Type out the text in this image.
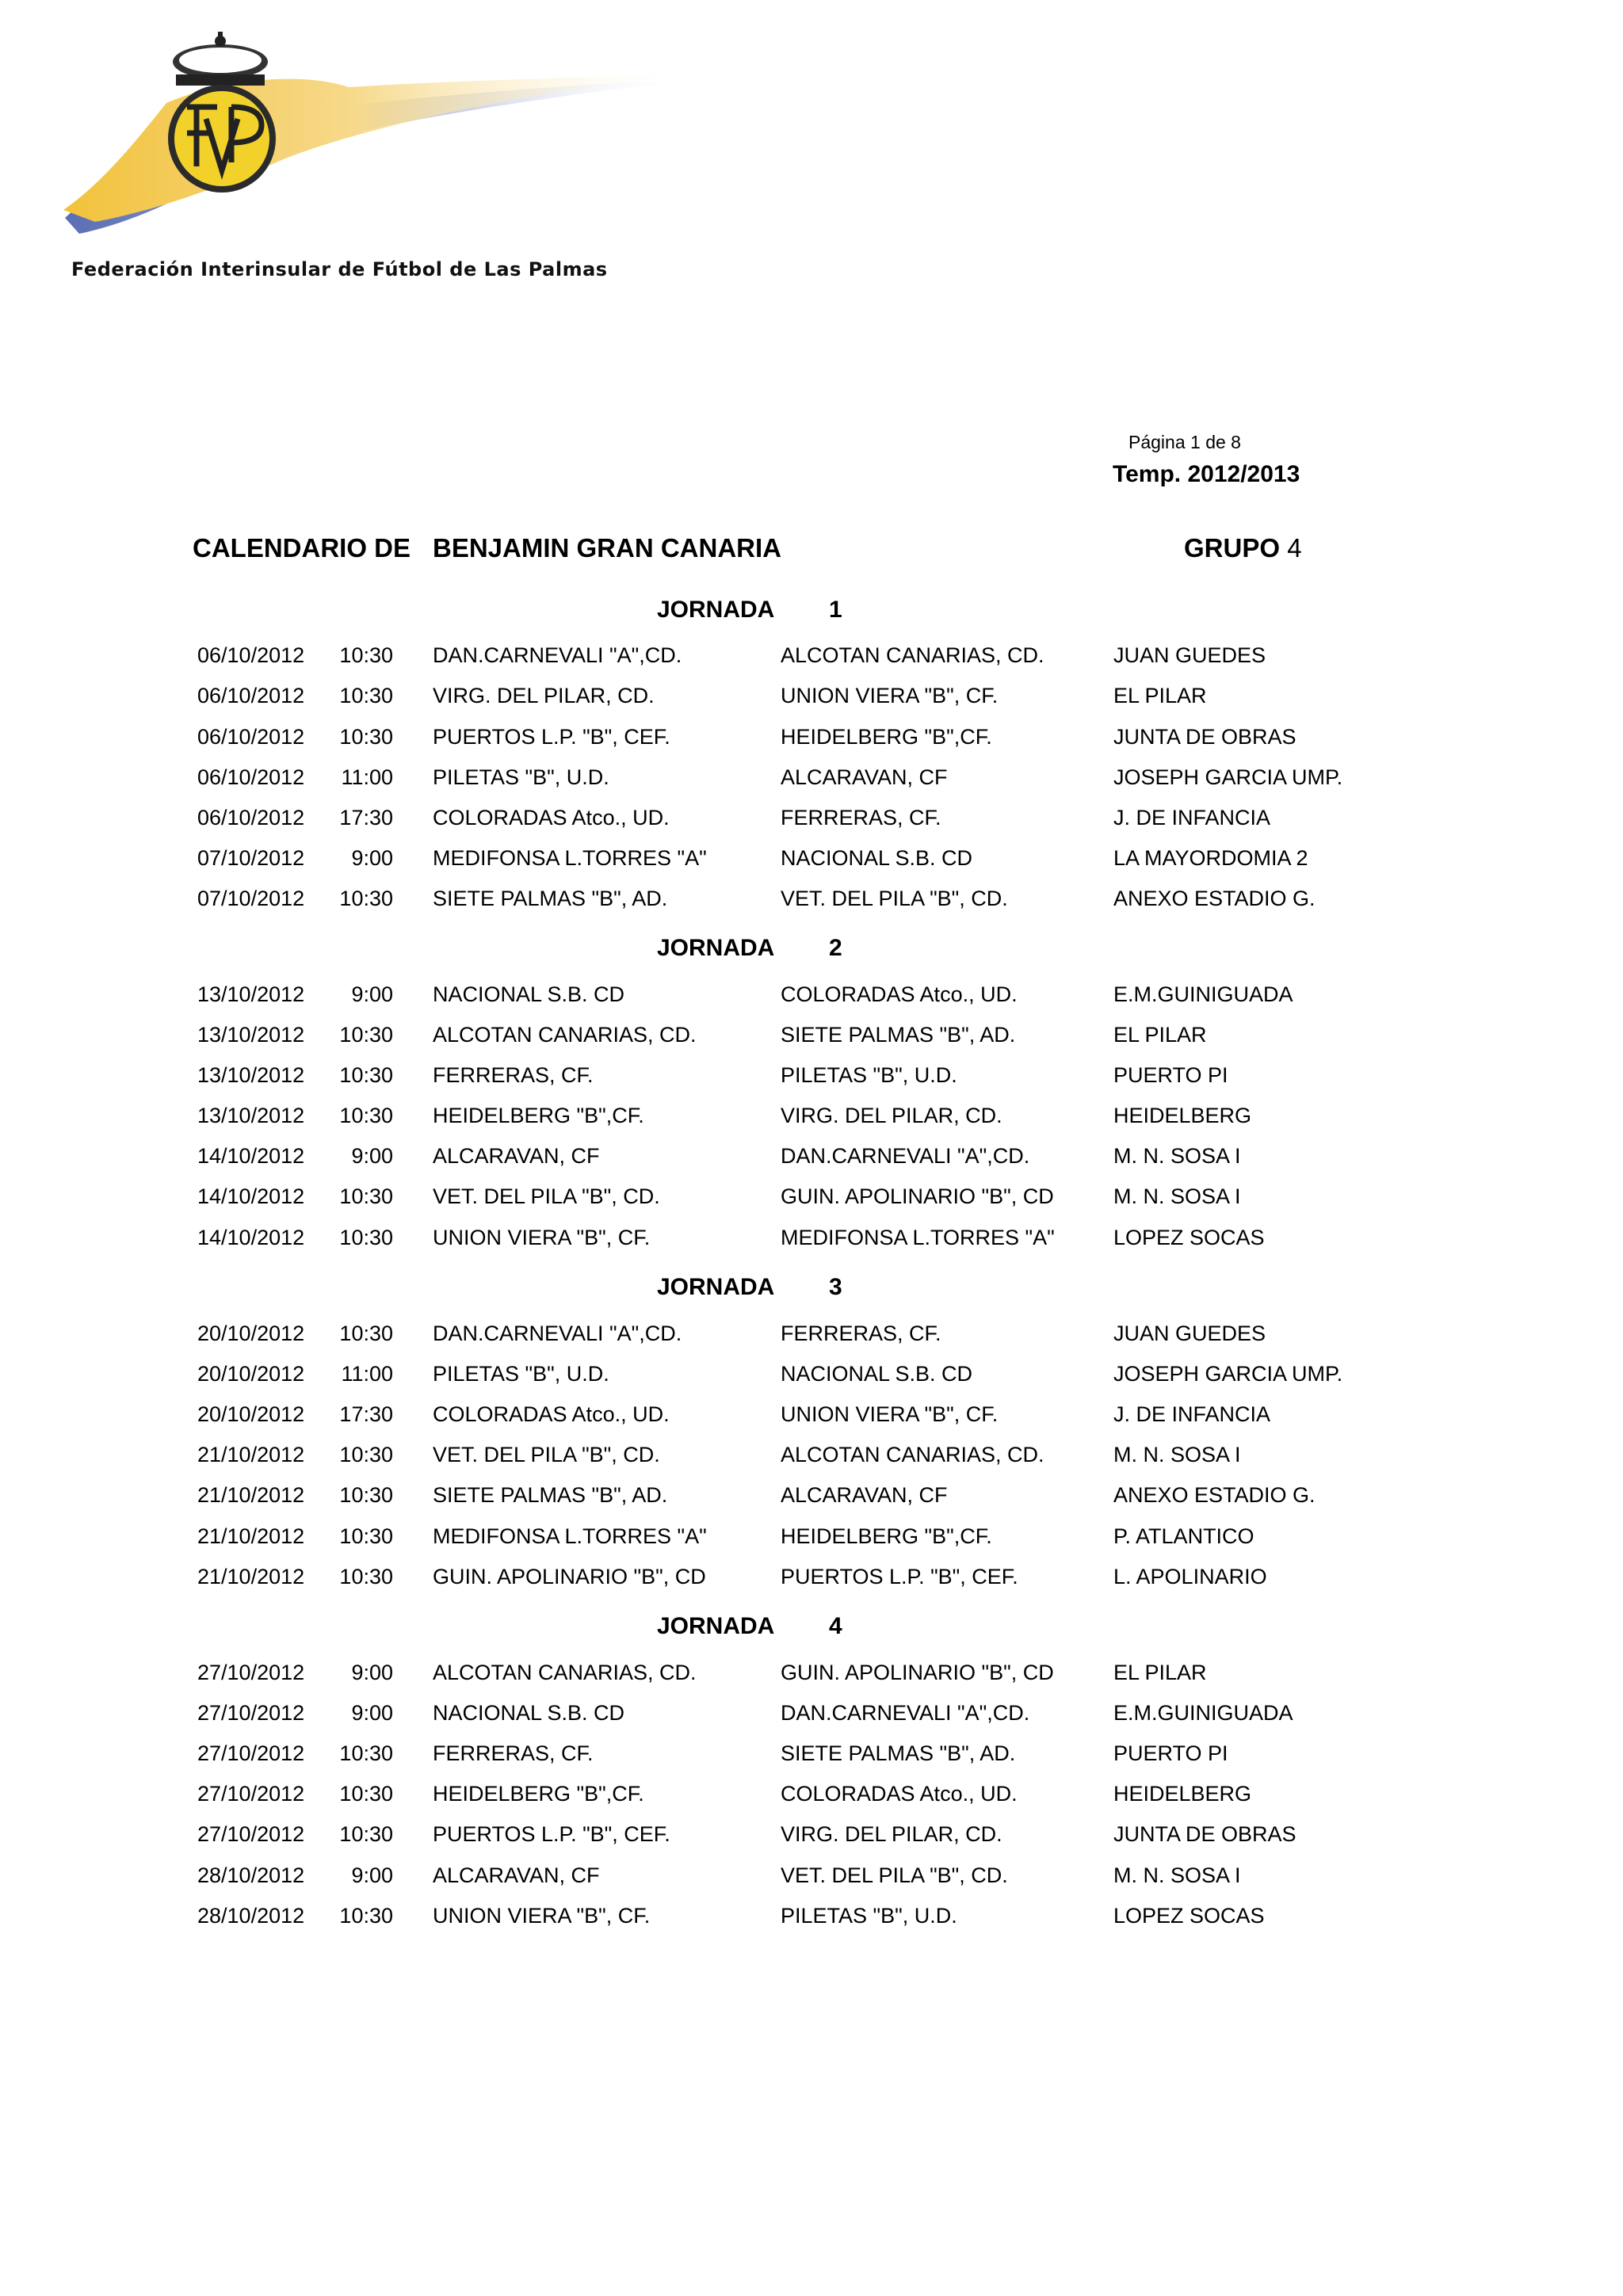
Federación Interinsular de Fútbol de Las Palmas
Página 1 de 8
Temp. 2012/2013
CALENDARIO DE BENJAMIN GRAN CANARIA	GRUPO 4
JORNADA 1
06/10/2012	10:30 DAN.CARNEVALI "A",CD.	ALCOTAN CANARIAS, CD.	JUAN GUEDES
06/10/2012	10:30 VIRG. DEL PILAR, CD.	UNION VIERA "B", CF.	EL PILAR
06/10/2012	10:30 PUERTOS L.P. "B", CEF.	HEIDELBERG "B",CF.	JUNTA DE OBRAS
06/10/2012	11:00 PILETAS "B", U.D.	ALCARAVAN, CF	JOSEPH GARCIA UMP.
06/10/2012	17:30 COLORADAS Atco., UD.	FERRERAS, CF.	J. DE INFANCIA
07/10/2012	9:00 MEDIFONSA L.TORRES "A"	NACIONAL S.B. CD	LA MAYORDOMIA 2
07/10/2012	10:30 SIETE PALMAS "B", AD.	VET. DEL PILA "B", CD.	ANEXO ESTADIO G.
JORNADA 2
13/10/2012	9:00 NACIONAL S.B. CD	COLORADAS Atco., UD.	E.M.GUINIGUADA
13/10/2012	10:30 ALCOTAN CANARIAS, CD.	SIETE PALMAS "B", AD.	EL PILAR
13/10/2012	10:30 FERRERAS, CF.	PILETAS "B", U.D.	PUERTO PI
13/10/2012	10:30 HEIDELBERG "B",CF.	VIRG. DEL PILAR, CD.	HEIDELBERG
14/10/2012	9:00 ALCARAVAN, CF	DAN.CARNEVALI "A",CD.	M. N. SOSA I
14/10/2012	10:30 VET. DEL PILA "B", CD.	GUIN. APOLINARIO "B", CD	M. N. SOSA I
14/10/2012	10:30 UNION VIERA "B", CF.	MEDIFONSA L.TORRES "A"	LOPEZ SOCAS
JORNADA 3
20/10/2012	10:30 DAN.CARNEVALI "A",CD.	FERRERAS, CF.	JUAN GUEDES
20/10/2012	11:00 PILETAS "B", U.D.	NACIONAL S.B. CD	JOSEPH GARCIA UMP.
20/10/2012	17:30 COLORADAS Atco., UD.	UNION VIERA "B", CF.	J. DE INFANCIA
21/10/2012	10:30 VET. DEL PILA "B", CD.	ALCOTAN CANARIAS, CD.	M. N. SOSA I
21/10/2012	10:30 SIETE PALMAS "B", AD.	ALCARAVAN, CF	ANEXO ESTADIO G.
21/10/2012	10:30 MEDIFONSA L.TORRES "A"	HEIDELBERG "B",CF.	P. ATLANTICO
21/10/2012	10:30 GUIN. APOLINARIO "B", CD	PUERTOS L.P. "B", CEF.	L. APOLINARIO
JORNADA 4
27/10/2012	9:00 ALCOTAN CANARIAS, CD.	GUIN. APOLINARIO "B", CD	EL PILAR
27/10/2012	9:00 NACIONAL S.B. CD	DAN.CARNEVALI "A",CD.	E.M.GUINIGUADA
27/10/2012	10:30 FERRERAS, CF.	SIETE PALMAS "B", AD.	PUERTO PI
27/10/2012	10:30 HEIDELBERG "B",CF.	COLORADAS Atco., UD.	HEIDELBERG
27/10/2012	10:30 PUERTOS L.P. "B", CEF.	VIRG. DEL PILAR, CD.	JUNTA DE OBRAS
28/10/2012	9:00 ALCARAVAN, CF	VET. DEL PILA "B", CD.	M. N. SOSA I
28/10/2012	10:30 UNION VIERA "B", CF.	PILETAS "B", U.D.	LOPEZ SOCAS
